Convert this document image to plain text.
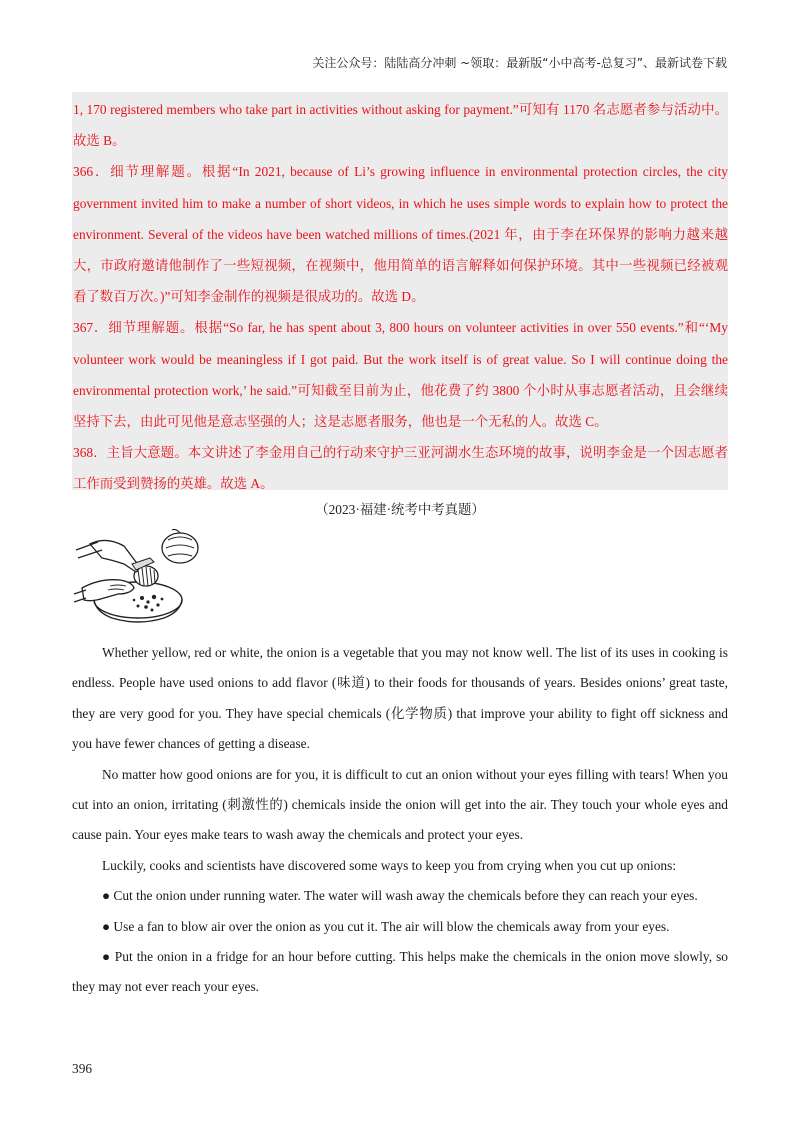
关注公众号：陆陆高分冲刺 ~领取：最新版“小中高考-总复习”、最新试卷下载

1, 170 registered members who take part in activities without asking for payment.”可知有 1170 名志愿者参与活动中。故选 B。

366．细节理解题。根据“In 2021, because of Li’s growing influence in environmental protection circles, the city government invited him to make a number of short videos, in which he uses simple words to explain how to protect the environment. Several of the videos have been watched millions of times.(2021 年，由于李在环保界的影响力越来越大，市政府邀请他制作了一些短视频，在视频中，他用简单的语言解释如何保护环境。其中一些视频已经被观看了数百万次。)”可知李金制作的视频是很成功的。故选 D。

367．细节理解题。根据“So far, he has spent about 3, 800 hours on volunteer activities in over 550 events.”和“‘My volunteer work would be meaningless if I got paid. But the work itself is of great value. So I will continue doing the environmental protection work,’ he said.”可知截至目前为止，他花费了约 3800 个小时从事志愿者活动，且会继续坚持下去，由此可见他是意志坚强的人；这是志愿者服务，他也是一个无私的人。故选 C。

368．主旨大意题。本文讲述了李金用自己的行动来守护三亚河湖水生态环境的故事，说明李金是一个因志愿者工作而受到赞扬的英雄。故选 A。

（2023·福建·统考中考真题）

Whether yellow, red or white, the onion is a vegetable that you may not know well. The list of its uses in cooking is endless. People have used onions to add flavor (味道) to their foods for thousands of years. Besides onions’ great taste, they are very good for you. They have special chemicals (化学物质) that improve your ability to fight off sickness and you have fewer chances of getting a disease.

No matter how good onions are for you, it is difficult to cut an onion without your eyes filling with tears! When you cut into an onion, irritating (刺激性的) chemicals inside the onion will get into the air. They touch your whole eyes and cause pain. Your eyes make tears to wash away the chemicals and protect your eyes.

Luckily, cooks and scientists have discovered some ways to keep you from crying when you cut up onions:

● Cut the onion under running water. The water will wash away the chemicals before they can reach your eyes.

● Use a fan to blow air over the onion as you cut it. The air will blow the chemicals away from your eyes.

● Put the onion in a fridge for an hour before cutting. This helps make the chemicals in the onion move slowly, so they may not ever reach your eyes.

396
